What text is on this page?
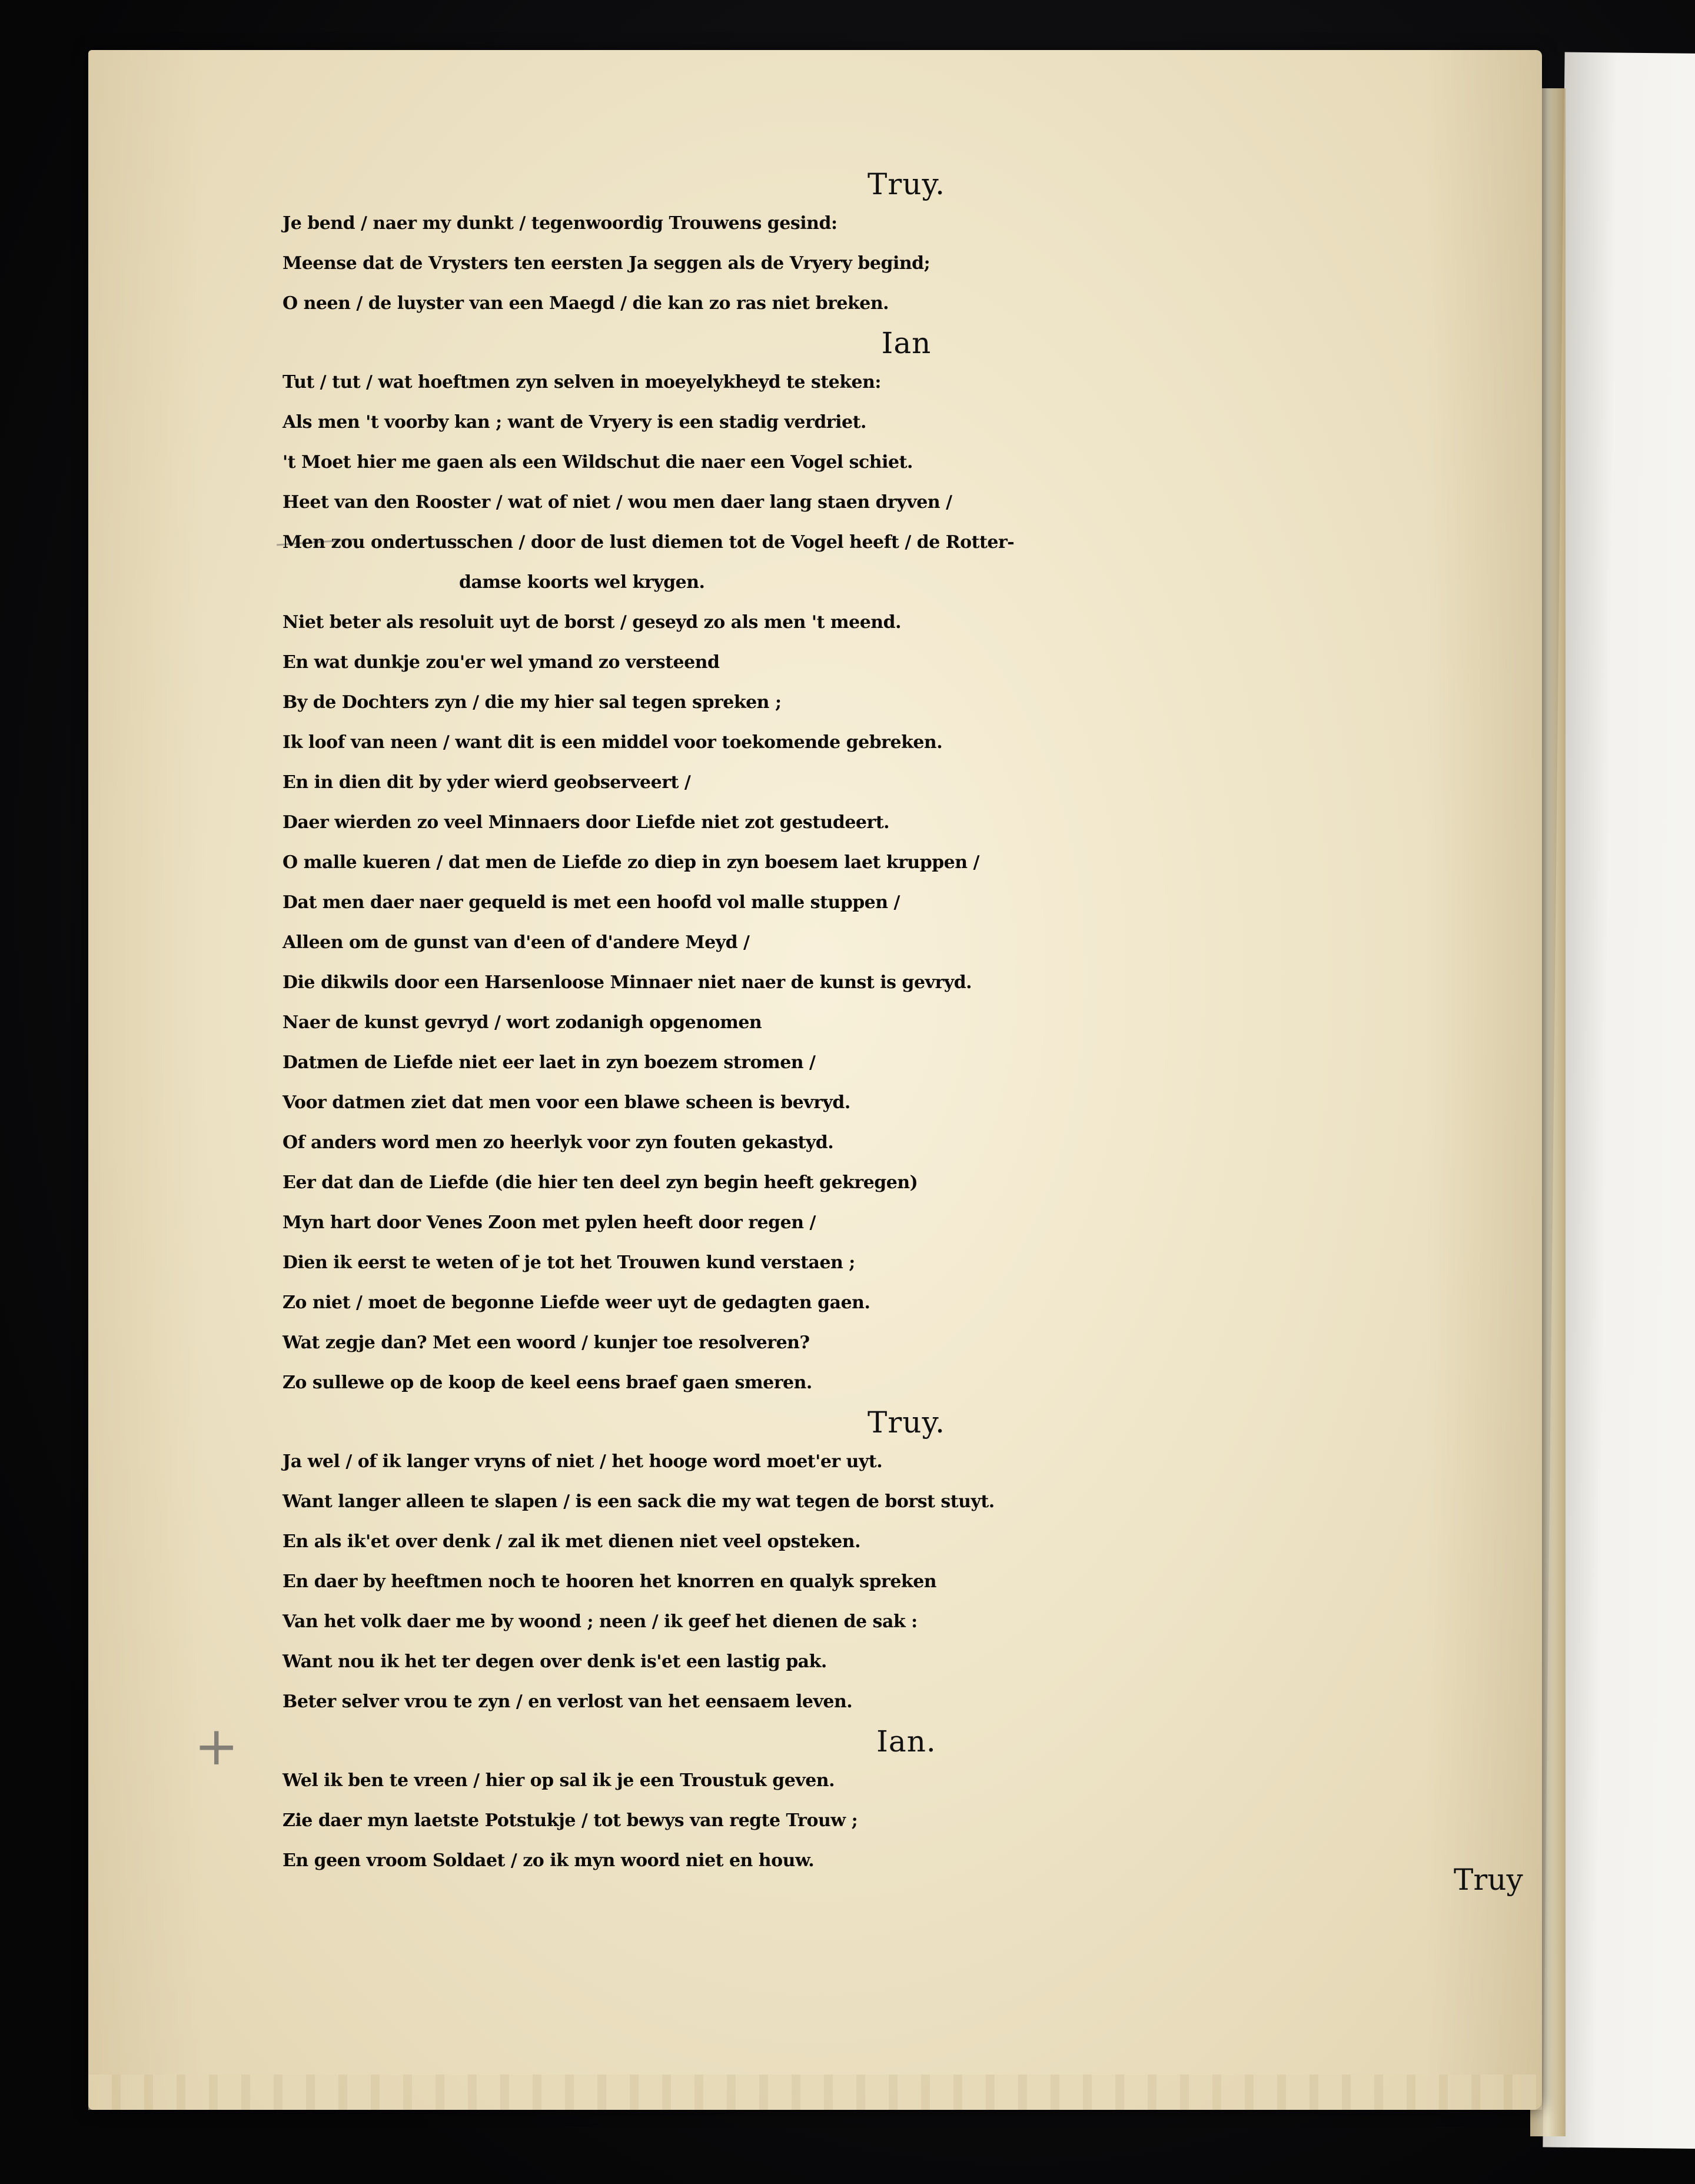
+
Truy.
Je bend / naer my dunkt / tegenwoordig Trouwens gesind:
Meense dat de Vrysters ten eersten Ja seggen als de Vryery begind;
O neen / de luyster van een Maegd / die kan zo ras niet breken.
Ian
Tut / tut / wat hoeftmen zyn selven in moeyelykheyd te steken:
Als men 't voorby kan ; want de Vryery is een stadig verdriet.
't Moet hier me gaen als een Wildschut die naer een Vogel schiet.
Heet van den Rooster / wat of niet / wou men daer lang staen dryven /
Men zou ondertusschen / door de lust diemen tot de Vogel heeft / de Rotter-
damse koorts wel krygen.
Niet beter als resoluit uyt de borst / geseyd zo als men 't meend.
En wat dunkje zou'er wel ymand zo versteend
By de Dochters zyn / die my hier sal tegen spreken ;
Ik loof van neen / want dit is een middel voor toekomende gebreken.
En in dien dit by yder wierd geobserveert /
Daer wierden zo veel Minnaers door Liefde niet zot gestudeert.
O malle kueren / dat men de Liefde zo diep in zyn boesem laet kruppen /
Dat men daer naer gequeld is met een hoofd vol malle stuppen /
Alleen om de gunst van d'een of d'andere Meyd /
Die dikwils door een Harsenloose Minnaer niet naer de kunst is gevryd.
Naer de kunst gevryd / wort zodanigh opgenomen
Datmen de Liefde niet eer laet in zyn boezem stromen /
Voor datmen ziet dat men voor een blawe scheen is bevryd.
Of anders word men zo heerlyk voor zyn fouten gekastyd.
Eer dat dan de Liefde (die hier ten deel zyn begin heeft gekregen)
Myn hart door Venes Zoon met pylen heeft door regen /
Dien ik eerst te weten of je tot het Trouwen kund verstaen ;
Zo niet / moet de begonne Liefde weer uyt de gedagten gaen.
Wat zegje dan? Met een woord / kunjer toe resolveren?
Zo sullewe op de koop de keel eens braef gaen smeren.
Truy.
Ja wel / of ik langer vryns of niet / het hooge word moet'er uyt.
Want langer alleen te slapen / is een sack die my wat tegen de borst stuyt.
En als ik'et over denk / zal ik met dienen niet veel opsteken.
En daer by heeftmen noch te hooren het knorren en qualyk spreken
Van het volk daer me by woond ; neen / ik geef het dienen de sak :
Want nou ik het ter degen over denk is'et een lastig pak.
Beter selver vrou te zyn / en verlost van het eensaem leven.
Ian.
Wel ik ben te vreen / hier op sal ik je een Troustuk geven.
Zie daer myn laetste Potstukje / tot bewys van regte Trouw ;
En geen vroom Soldaet / zo ik myn woord niet en houw.
Truy
